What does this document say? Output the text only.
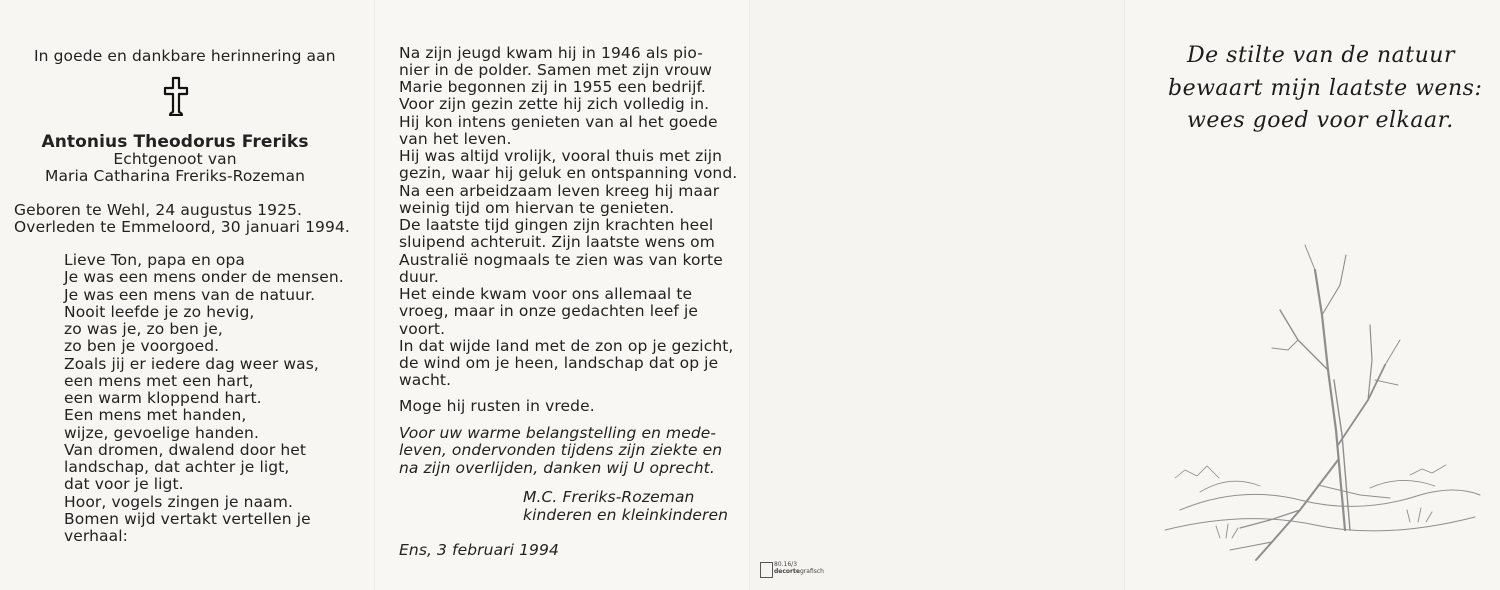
In goede en dankbare herinnering aan
Antonius Theodorus Freriks
Echtgenoot van
Maria Catharina Freriks-Rozeman
Geboren te Wehl, 24 augustus 1925.
Overleden te Emmeloord, 30 januari 1994.
Lieve Ton, papa en opa
Je was een mens onder de mensen.
Je was een mens van de natuur.
Nooit leefde je zo hevig,
zo was je, zo ben je,
zo ben je voorgoed.
Zoals jij er iedere dag weer was,
een mens met een hart,
een warm kloppend hart.
Een mens met handen,
wijze, gevoelige handen.
Van dromen, dwalend door het
landschap, dat achter je ligt,
dat voor je ligt.
Hoor, vogels zingen je naam.
Bomen wijd vertakt vertellen je
verhaal:
Na zijn jeugd kwam hij in 1946 als pio-
nier in de polder. Samen met zijn vrouw
Marie begonnen zij in 1955 een bedrijf.
Voor zijn gezin zette hij zich volledig in.
Hij kon intens genieten van al het goede
van het leven.
Hij was altijd vrolijk, vooral thuis met zijn
gezin, waar hij geluk en ontspanning vond.
Na een arbeidzaam leven kreeg hij maar
weinig tijd om hiervan te genieten.
De laatste tijd gingen zijn krachten heel
sluipend achteruit. Zijn laatste wens om
Australië nogmaals te zien was van korte
duur.
Het einde kwam voor ons allemaal te
vroeg, maar in onze gedachten leef je
voort.
In dat wijde land met de zon op je gezicht,
de wind om je heen, landschap dat op je
wacht.
Moge hij rusten in vrede.
Voor uw warme belangstelling en mede-
leven, ondervonden tijdens zijn ziekte en
na zijn overlijden, danken wij U oprecht.
M.C. Freriks-Rozeman
kinderen en kleinkinderen
Ens, 3 februari 1994
80.16/3
decorte grafisch
De stilte van de natuur
bewaart mijn laatste wens:
wees goed voor elkaar.
